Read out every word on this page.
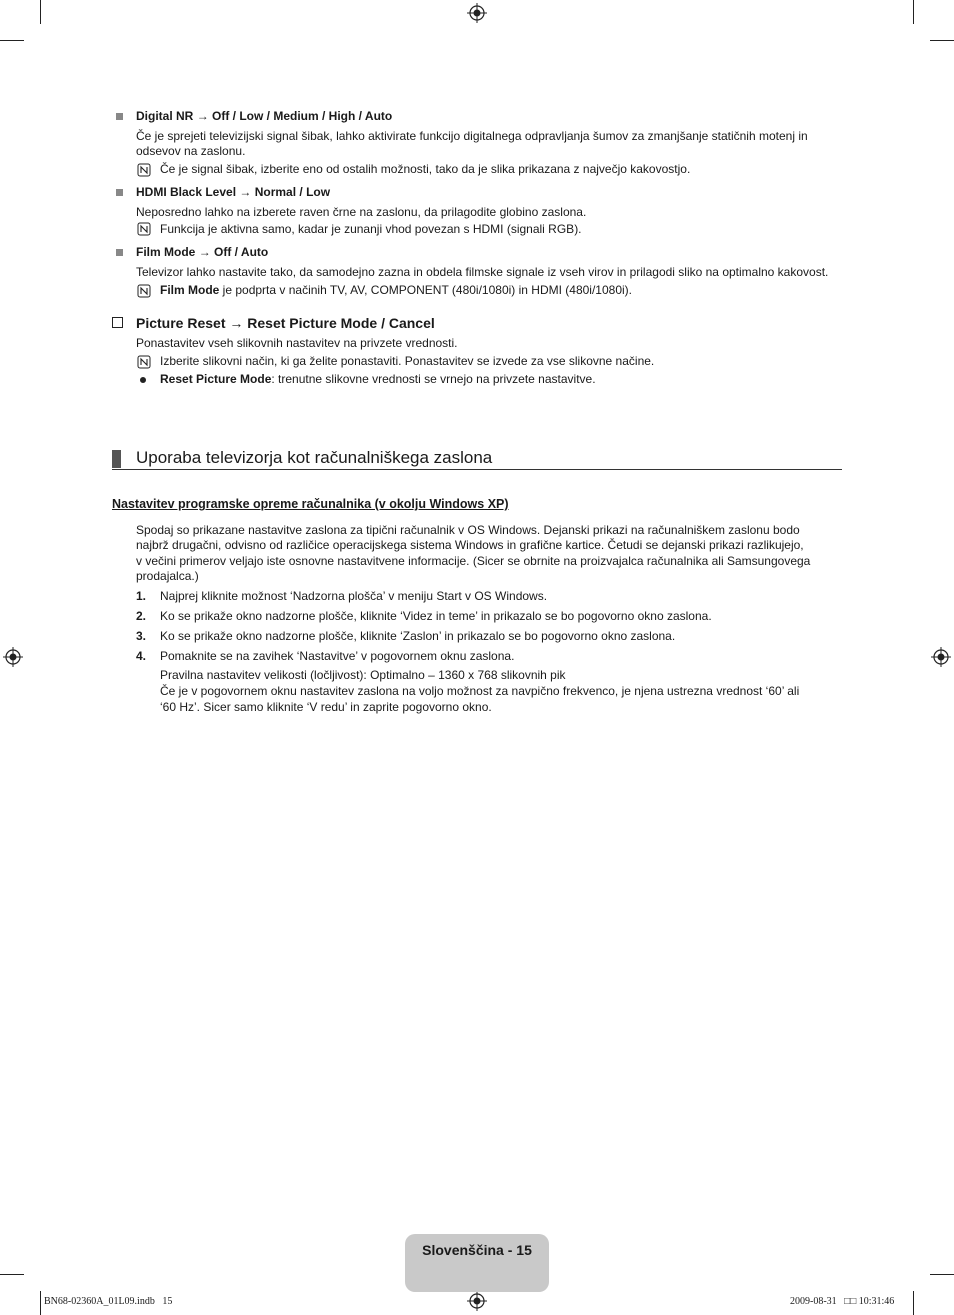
Digital NR → Off / Low / Medium / High / Auto
Če je sprejeti televizijski signal šibak, lahko aktivirate funkcijo digitalnega odpravljanja šumov za zmanjšanje statičnih motenj in
odsevov na zaslonu.
Če je signal šibak, izberite eno od ostalih možnosti, tako da je slika prikazana z največjo kakovostjo.
HDMI Black Level → Normal / Low
Neposredno lahko na izberete raven črne na zaslonu, da prilagodite globino zaslona.
Funkcija je aktivna samo, kadar je zunanji vhod povezan s HDMI (signali RGB).
Film Mode → Off / Auto
Televizor lahko nastavite tako, da samodejno zazna in obdela filmske signale iz vseh virov in prilagodi sliko na optimalno kakovost.
Film Mode je podprta v načinih TV, AV, COMPONENT (480i/1080i) in HDMI (480i/1080i).
Picture Reset → Reset Picture Mode / Cancel
Ponastavitev vseh slikovnih nastavitev na privzete vrednosti.
Izberite slikovni način, ki ga želite ponastaviti. Ponastavitev se izvede za vse slikovne načine.
Reset Picture Mode: trenutne slikovne vrednosti se vrnejo na privzete nastavitve.
Uporaba televizorja kot računalniškega zaslona
Nastavitev programske opreme računalnika (v okolju Windows XP)
Spodaj so prikazane nastavitve zaslona za tipični računalnik v OS Windows. Dejanski prikazi na računalniškem zaslonu bodo
najbrž drugačni, odvisno od različice operacijskega sistema Windows in grafične kartice. Četudi se dejanski prikazi razlikujejo,
v večini primerov veljajo iste osnovne nastavitvene informacije. (Sicer se obrnite na proizvajalca računalnika ali Samsungovega
prodajalca.)
1. Najprej kliknite možnost ‘Nadzorna plošča’ v meniju Start v OS Windows.
2. Ko se prikaže okno nadzorne plošče, kliknite ‘Videz in teme’ in prikazalo se bo pogovorno okno zaslona.
3. Ko se prikaže okno nadzorne plošče, kliknite ‘Zaslon’ in prikazalo se bo pogovorno okno zaslona.
4. Pomaknite se na zavihek ‘Nastavitve’ v pogovornem oknu zaslona.
Pravilna nastavitev velikosti (ločljivost): Optimalno – 1360 x 768 slikovnih pik
Če je v pogovornem oknu nastavitev zaslona na voljo možnost za navpično frekvenco, je njena ustrezna vrednost ‘60’ ali
‘60 Hz’. Sicer samo kliknite ‘V redu’ in zaprite pogovorno okno.
Slovenščina - 15
BN68-02360A_01L09.indb   15	2009-08-31   □□ 10:31:46
